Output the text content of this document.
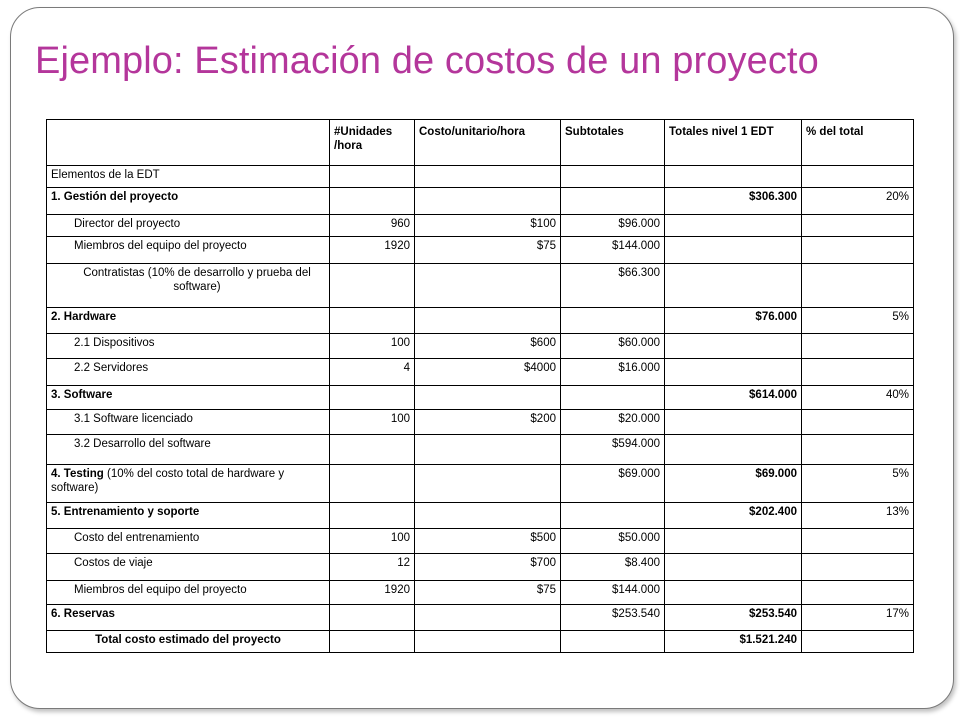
Ejemplo: Estimación de costos de un proyecto
	#Unidades /hora	Costo/unitario/hora	Subtotales	Totales nivel 1 EDT	% del total
Elementos de la EDT					
1. Gestión del proyecto				$306.300	20%
Director del proyecto	960	$100	$96.000		
Miembros del equipo del proyecto	1920	$75	$144.000		
Contratistas (10% de desarrollo y prueba del software)			$66.300		
2. Hardware				$76.000	5%
2.1 Dispositivos	100	$600	$60.000		
2.2 Servidores	4	$4000	$16.000		
3. Software				$614.000	40%
3.1 Software licenciado	100	$200	$20.000		
3.2 Desarrollo del software			$594.000		
4. Testing (10% del costo total de hardware y software)			$69.000	$69.000	5%
5. Entrenamiento y soporte				$202.400	13%
Costo del entrenamiento	100	$500	$50.000		
Costos de viaje	12	$700	$8.400		
Miembros del equipo del proyecto	1920	$75	$144.000		
6. Reservas			$253.540	$253.540	17%
Total costo estimado del proyecto				$1.521.240	
